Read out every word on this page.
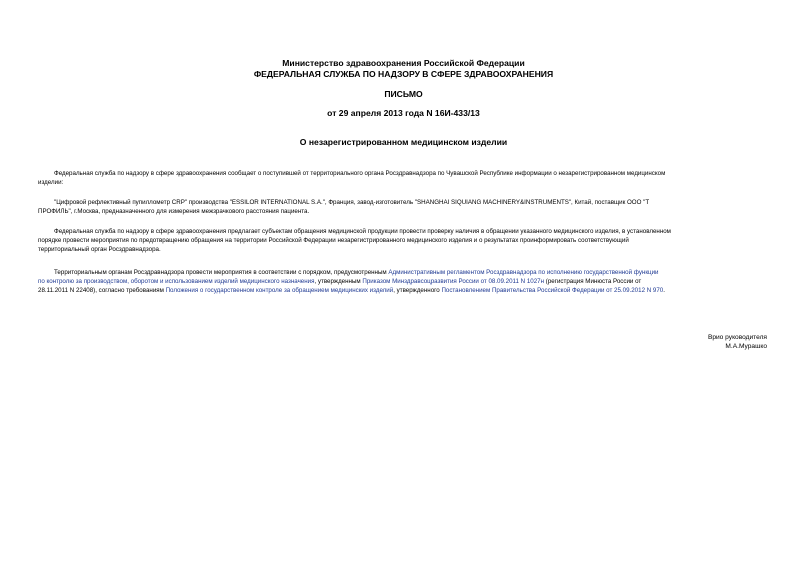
Министерство здравоохранения Российской Федерации
ФЕДЕРАЛЬНАЯ СЛУЖБА ПО НАДЗОРУ В СФЕРЕ ЗДРАВООХРАНЕНИЯ
ПИСЬМО
от 29 апреля 2013 года N 16И-433/13
О незарегистрированном медицинском изделии
Федеральная служба по надзору в сфере здравоохранения сообщает о поступившей от территориального органа Росздравнадзора по Чувашской Республике информации о незарегистрированном медицинском
изделии:
"Цифровой рефлективный пупиллометр CRP" производства "ESSILOR INTERNATIONAL S.A.", Франция, завод-изготовитель "SHANGHAI SIQUIANG MACHINERY&INSTRUMENTS", Китай, поставщик ООО "Т
ПРОФИЛЬ", г.Москва, предназначенного для измерения межзрачкового расстояния пациента.
Федеральная служба по надзору в сфере здравоохранения предлагает субъектам обращения медицинской продукции провести проверку наличия в обращении указанного медицинского изделия, в установленном
порядке провести мероприятия по предотвращению обращения на территории Российской Федерации незарегистрированного медицинского изделия и о результатах проинформировать соответствующий
территориальный орган Росздравнадзора.
Территориальным органам Росздравнадзора провести мероприятия в соответствии с порядком, предусмотренным Административным регламентом Росздравнадзора по исполнению государственной функции
по контролю за производством, оборотом и использованием изделий медицинского назначения, утвержденным Приказом Минздравсоцразвития России от 08.09.2011 N 1027н (регистрация Минюста России от
28.11.2011 N 22408), согласно требованиям Положения о государственном контроле за обращением медицинских изделий, утвержденного Постановлением Правительства Российской Федерации от 25.09.2012 N 970.
Врио руководителя
М.А.Мурашко
